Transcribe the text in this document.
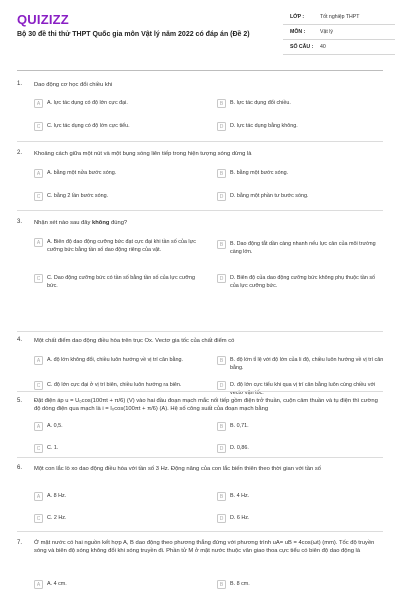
QUIZIZZ
Bộ 30 đề thi thử THPT Quốc gia môn Vật lý năm 2022 có đáp án (Đề 2)
LỚP :	Tốt nghiệp THPT
MÔN :	Vật lý
SỐ CÂU :	40
1. Dao động cơ học đổi chiều khi
A	A. lực tác dụng có độ lớn cực đại.	B	B. lực tác dụng đổi chiều.
C	C. lực tác dụng có độ lớn cực tiểu.	D	D. lực tác dụng bằng không.
2. Khoảng cách giữa một nút và một bụng sóng liên tiếp trong hiện tượng sóng dừng là
A	A. bằng một nửa bước sóng.	B	B. bằng một bước sóng.
C	C. bằng 2 lần bước sóng.	D	D. bằng một phần tư bước sóng.
3. Nhận xét nào sau đây không đúng?
A	A. Biên độ dao động cưỡng bức đạt cực đại khi tần số của lực cưỡng bức bằng tần số dao động riêng của vật.
B	B. Dao động tắt dần càng nhanh nếu lực cản của môi trường càng lớn.
C	C. Dao động cưỡng bức có tần số bằng tần số của lực cưỡng bức.
D	D. Biên độ của dao động cưỡng bức không phụ thuộc tần số của lực cưỡng bức.
4. Một chất điểm dao động điều hòa trên trục Ox. Vectơ gia tốc của chất điểm có
A	A. độ lớn không đổi, chiều luôn hướng về vị trí cân bằng.	B	B. độ lớn tỉ lệ với độ lớn của li độ, chiều luôn hướng về vị trí cân bằng.
C	C. độ lớn cực đại ở vị trí biên, chiều luôn hướng ra biên.	D	D. độ lớn cực tiểu khi qua vị trí cân bằng luôn cùng chiều với vectơ vận tốc.
5. Đặt điện áp u = U₀cos(100πt + π/6) (V) vào hai đầu đoạn mạch mắc nối tiếp gồm điện trở thuần, cuộn cảm thuần và tụ điện thì cường độ dòng điện qua mạch là i = I₀cos(100πt + π/6) (A). Hệ số công suất của đoạn mạch bằng
A	A. 0,5.	B	B. 0,71.
C	C. 1.	D	D. 0,86.
6. Một con lắc lò xo dao động điều hòa với tần số 3 Hz. Động năng của con lắc biến thiên theo thời gian với tần số
A	A. 8 Hz.	B	B. 4 Hz.
C	C. 2 Hz.	D	D. 6 Hz.
7. Ở mặt nước có hai nguồn kết hợp A, B dao động theo phương thẳng đứng với phương trình uA= uB = 4cos(ωt) (mm). Tốc độ truyền sóng và biên độ sóng không đổi khi sóng truyền đi. Phần tử M ở mặt nước thuộc vân giao thoa cực tiểu có biên độ dao động là
A	A. 4 cm.	B	B. 8 cm.
